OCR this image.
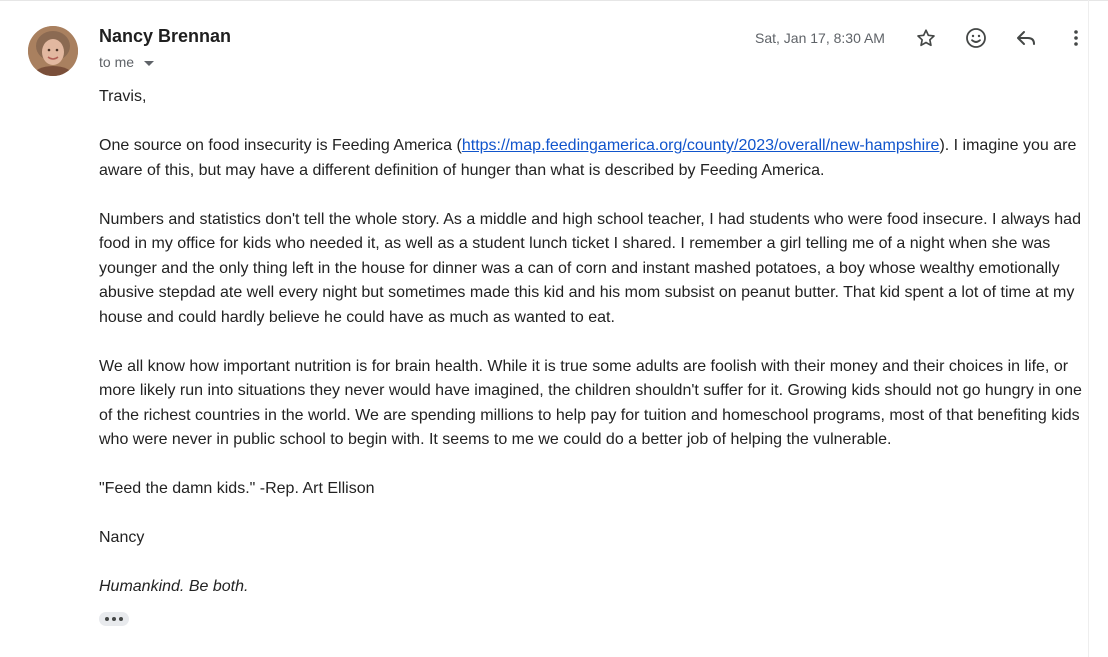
Nancy Brennan
to me
Sat, Jan 17, 8:30 AM

Travis,

One source on food insecurity is Feeding America (https://map.feedingamerica.org/county/2023/overall/new-hampshire). I imagine you are aware of this, but may have a different definition of hunger than what is described by Feeding America.

Numbers and statistics don't tell the whole story. As a middle and high school teacher, I had students who were food insecure. I always had food in my office for kids who needed it, as well as a student lunch ticket I shared. I remember a girl telling me of a night when she was younger and the only thing left in the house for dinner was a can of corn and instant mashed potatoes, a boy whose wealthy emotionally abusive stepdad ate well every night but sometimes made this kid and his mom subsist on peanut butter. That kid spent a lot of time at my house and could hardly believe he could have as much as wanted to eat.

We all know how important nutrition is for brain health. While it is true some adults are foolish with their money and their choices in life, or more likely run into situations they never would have imagined, the children shouldn't suffer for it. Growing kids should not go hungry in one of the richest countries in the world. We are spending millions to help pay for tuition and homeschool programs, most of that benefiting kids who were never in public school to begin with. It seems to me we could do a better job of helping the vulnerable.

"Feed the damn kids." -Rep. Art Ellison

Nancy

Humankind. Be both.
